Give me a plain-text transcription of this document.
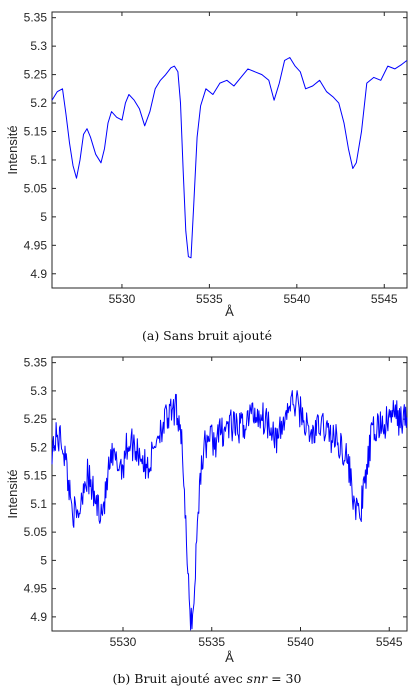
4.9
4.95
5
5.05
5.1
5.15
5.2
5.25
5.3
5.35
5530	5535	5540	5545
Å
Intensité
(a) Sans bruit ajouté
4.9
4.95
5
5.05
5.1
5.15
5.2
5.25
5.3
5.35
5530	5535	5540	5545
Å
Intensité
(b) Bruit ajouté avec snr = 30
